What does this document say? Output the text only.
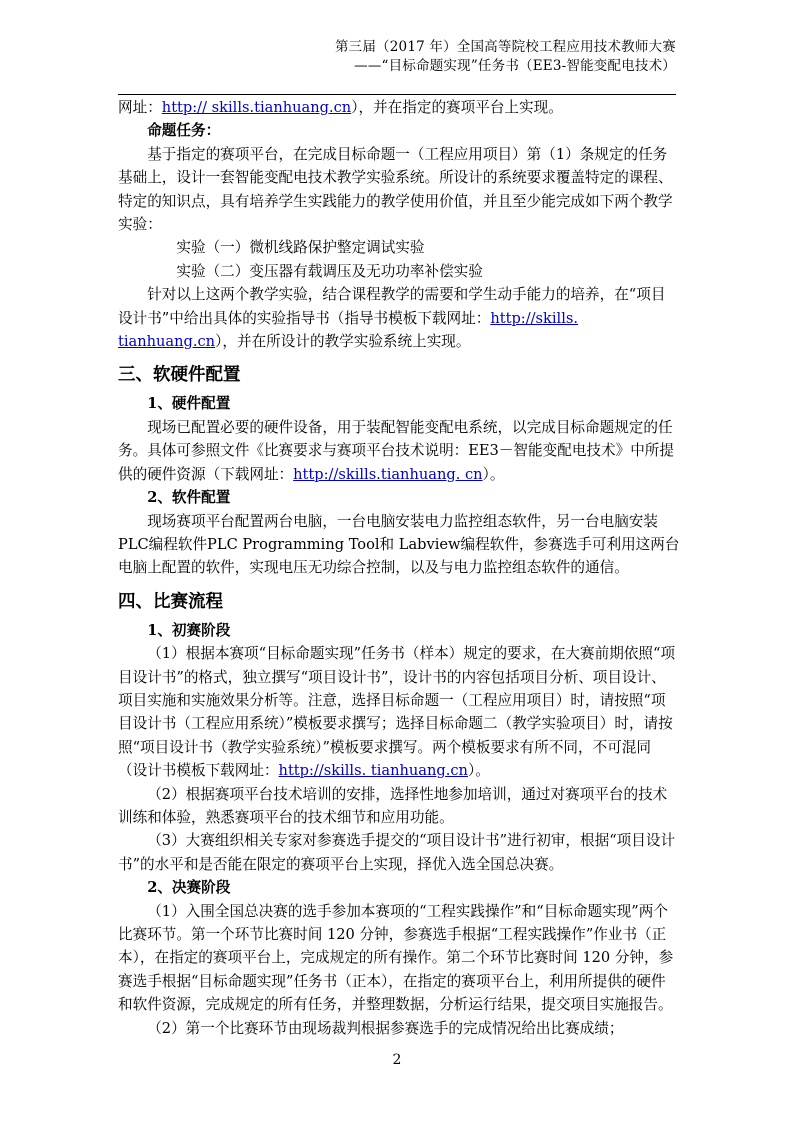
第三届（2017 年）全国高等院校工程应用技术教师大赛
——“目标命题实现”任务书（EE3-智能变配电技术）

网址：http:// skills.tianhuang.cn），并在指定的赛项平台上实现。

命题任务：

基于指定的赛项平台，在完成目标命题一（工程应用项目）第（1）条规定的任务基础上，设计一套智能变配电技术教学实验系统。所设计的系统要求覆盖特定的课程、特定的知识点，具有培养学生实践能力的教学使用价值，并且至少能完成如下两个教学实验：

实验（一）微机线路保护整定调试实验

实验（二）变压器有载调压及无功功率补偿实验

针对以上这两个教学实验，结合课程教学的需要和学生动手能力的培养，在“项目设计书”中给出具体的实验指导书（指导书模板下载网址：http://skills. tianhuang.cn），并在所设计的教学实验系统上实现。

三、软硬件配置

1、硬件配置

现场已配置必要的硬件设备，用于装配智能变配电系统，以完成目标命题规定的任务。具体可参照文件《比赛要求与赛项平台技术说明：EE3－智能变配电技术》中所提供的硬件资源（下载网址：http://skills.tianhuang. cn）。

2、软件配置

现场赛项平台配置两台电脑，一台电脑安装电力监控组态软件，另一台电脑安装PLC编程软件PLC Programming Tool和 Labview编程软件，参赛选手可利用这两台电脑上配置的软件，实现电压无功综合控制，以及与电力监控组态软件的通信。

四、比赛流程

1、初赛阶段

（1）根据本赛项“目标命题实现”任务书（样本）规定的要求，在大赛前期依照“项目设计书”的格式，独立撰写“项目设计书”，设计书的内容包括项目分析、项目设计、项目实施和实施效果分析等。注意，选择目标命题一（工程应用项目）时，请按照“项目设计书（工程应用系统）”模板要求撰写；选择目标命题二（教学实验项目）时，请按照“项目设计书（教学实验系统）”模板要求撰写。两个模板要求有所不同，不可混同（设计书模板下载网址：http://skills. tianhuang.cn）。

（2）根据赛项平台技术培训的安排，选择性地参加培训，通过对赛项平台的技术训练和体验，熟悉赛项平台的技术细节和应用功能。

（3）大赛组织相关专家对参赛选手提交的“项目设计书”进行初审，根据“项目设计书”的水平和是否能在限定的赛项平台上实现，择优入选全国总决赛。

2、决赛阶段

（1）入围全国总决赛的选手参加本赛项的“工程实践操作”和“目标命题实现”两个比赛环节。第一个环节比赛时间 120 分钟，参赛选手根据“工程实践操作”作业书（正本），在指定的赛项平台上，完成规定的所有操作。第二个环节比赛时间 120 分钟，参赛选手根据“目标命题实现”任务书（正本），在指定的赛项平台上，利用所提供的硬件和软件资源，完成规定的所有任务，并整理数据，分析运行结果，提交项目实施报告。

（2）第一个比赛环节由现场裁判根据参赛选手的完成情况给出比赛成绩；

2
